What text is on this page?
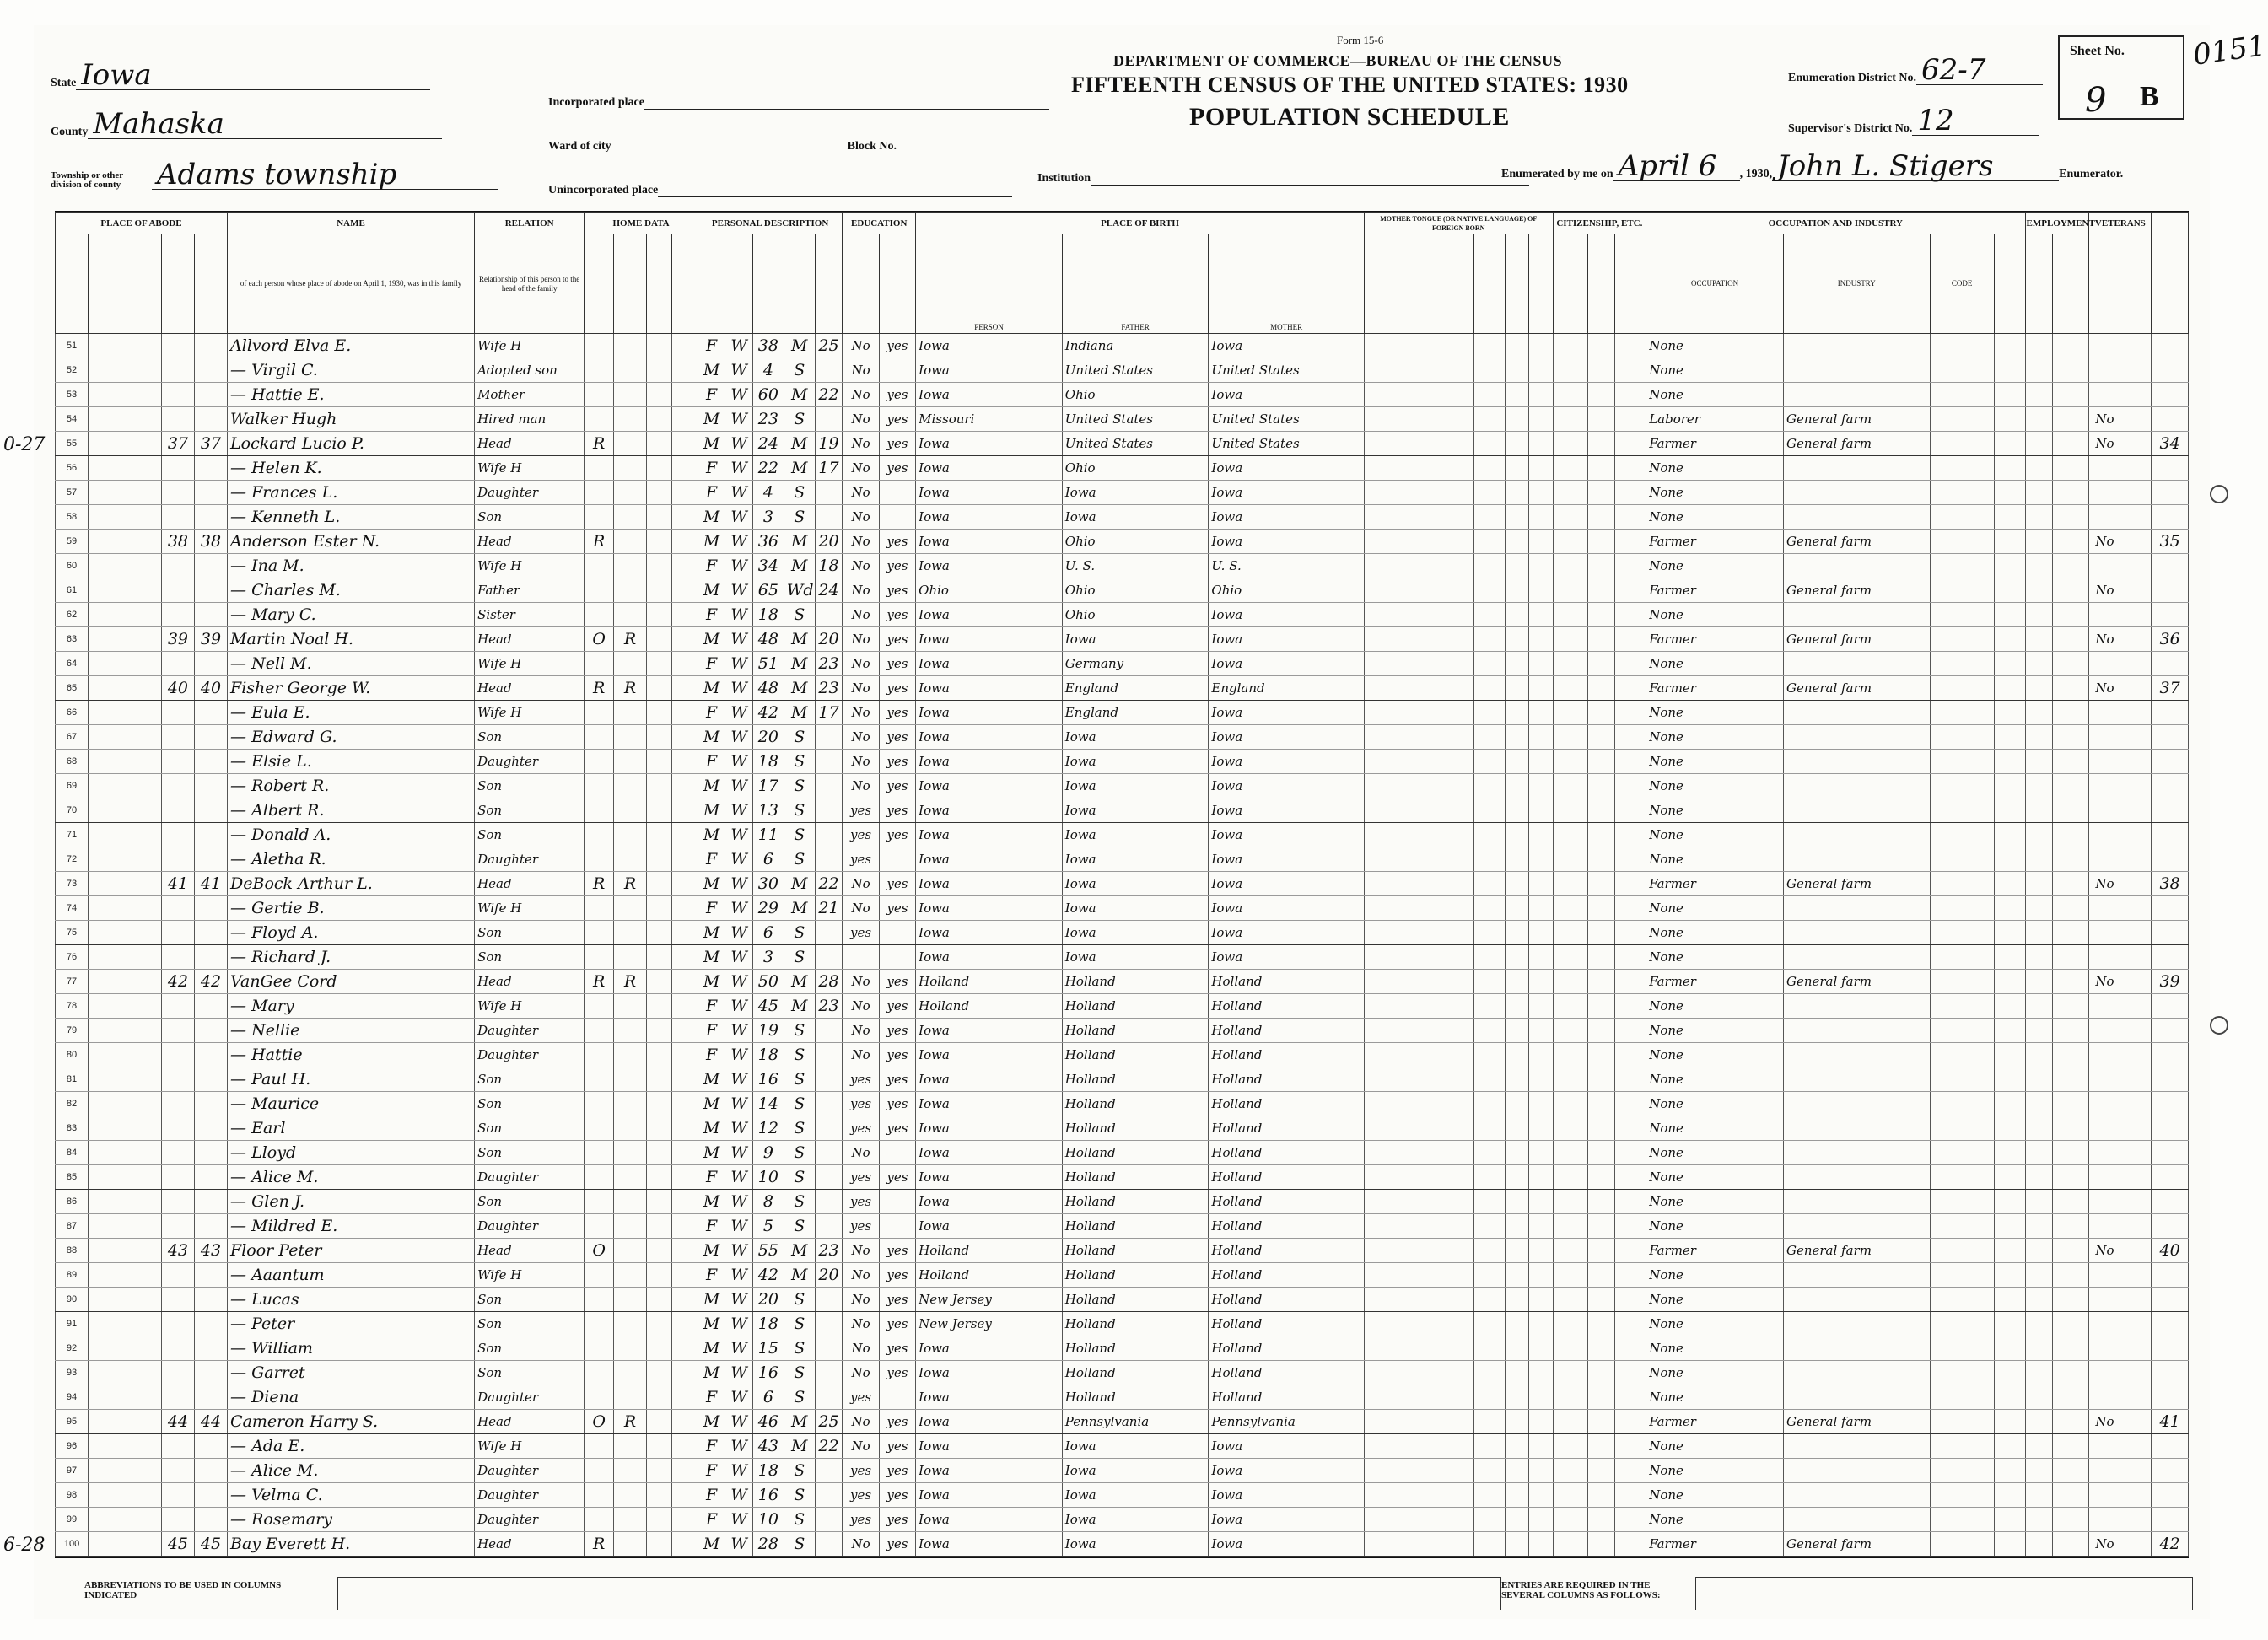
Form 15-6
DEPARTMENT OF COMMERCE—BUREAU OF THE CENSUS
FIFTEENTH CENSUS OF THE UNITED STATES: 1930
POPULATION SCHEDULE
State Iowa
County Mahaska
Township or other division of county	Adams township
Incorporated place
Ward of city	Block No.
Unincorporated place
Institution
Enumeration District No. 62-7
Supervisor's District No. 12
Enumerated by me on April 6	, 1930, John L. Stigers	Enumerator.
Sheet No.
9 B
0151
PLACE OF ABODE					NAME	RELATION	HOME DATA				PERSONAL DESCRIPTION					EDUCATION		PLACE OF BIRTH			MOTHER TONGUE (OR NATIVE LANGUAGE) OF FOREIGN BORN				CITIZENSHIP, ETC.			OCCUPATION AND INDUSTRY				EMPLOYMENT		VETERANS		
					of each person whose place of abode on April 1, 1930, was in this family	Relationship of this person to the head of the family												PERSON	FATHER	MOTHER								OCCUPATION	INDUSTRY	CODE						
51					Allvord Elva E.	Wife H					F	W	38	M	25	No	yes	Iowa	Indiana	Iowa								None								
52					— Virgil C.	Adopted son					M	W	4	S		No		Iowa	United States	United States								None								
53					— Hattie E.	Mother					F	W	60	M	22	No	yes	Iowa	Ohio	Iowa								None								
54					Walker Hugh	Hired man					M	W	23	S		No	yes	Missouri	United States	United States								Laborer	General farm					No		
55			37	37	Lockard Lucio P.	Head	R				M	W	24	M	19	No	yes	Iowa	United States	United States								Farmer	General farm					No		34
56					— Helen K.	Wife H					F	W	22	M	17	No	yes	Iowa	Ohio	Iowa								None								
57					— Frances L.	Daughter					F	W	4	S		No		Iowa	Iowa	Iowa								None								
58					— Kenneth L.	Son					M	W	3	S		No		Iowa	Iowa	Iowa								None								
59			38	38	Anderson Ester N.	Head	R				M	W	36	M	20	No	yes	Iowa	Ohio	Iowa								Farmer	General farm					No		35
60					— Ina M.	Wife H					F	W	34	M	18	No	yes	Iowa	U. S.	U. S.								None								
61					— Charles M.	Father					M	W	65	Wd	24	No	yes	Ohio	Ohio	Ohio								Farmer	General farm					No		
62					— Mary C.	Sister					F	W	18	S		No	yes	Iowa	Ohio	Iowa								None								
63			39	39	Martin Noal H.	Head	O	R			M	W	48	M	20	No	yes	Iowa	Iowa	Iowa								Farmer	General farm					No		36
64					— Nell M.	Wife H					F	W	51	M	23	No	yes	Iowa	Germany	Iowa								None								
65			40	40	Fisher George W.	Head	R	R			M	W	48	M	23	No	yes	Iowa	England	England								Farmer	General farm					No		37
66					— Eula E.	Wife H					F	W	42	M	17	No	yes	Iowa	England	Iowa								None								
67					— Edward G.	Son					M	W	20	S		No	yes	Iowa	Iowa	Iowa								None								
68					— Elsie L.	Daughter					F	W	18	S		No	yes	Iowa	Iowa	Iowa								None								
69					— Robert R.	Son					M	W	17	S		No	yes	Iowa	Iowa	Iowa								None								
70					— Albert R.	Son					M	W	13	S		yes	yes	Iowa	Iowa	Iowa								None								
71					— Donald A.	Son					M	W	11	S		yes	yes	Iowa	Iowa	Iowa								None								
72					— Aletha R.	Daughter					F	W	6	S		yes		Iowa	Iowa	Iowa								None								
73			41	41	DeBock Arthur L.	Head	R	R			M	W	30	M	22	No	yes	Iowa	Iowa	Iowa								Farmer	General farm					No		38
74					— Gertie B.	Wife H					F	W	29	M	21	No	yes	Iowa	Iowa	Iowa								None								
75					— Floyd A.	Son					M	W	6	S		yes		Iowa	Iowa	Iowa								None								
76					— Richard J.	Son					M	W	3	S				Iowa	Iowa	Iowa								None								
77			42	42	VanGee Cord	Head	R	R			M	W	50	M	28	No	yes	Holland	Holland	Holland								Farmer	General farm					No		39
78					— Mary	Wife H					F	W	45	M	23	No	yes	Holland	Holland	Holland								None								
79					— Nellie	Daughter					F	W	19	S		No	yes	Iowa	Holland	Holland								None								
80					— Hattie	Daughter					F	W	18	S		No	yes	Iowa	Holland	Holland								None								
81					— Paul H.	Son					M	W	16	S		yes	yes	Iowa	Holland	Holland								None								
82					— Maurice	Son					M	W	14	S		yes	yes	Iowa	Holland	Holland								None								
83					— Earl	Son					M	W	12	S		yes	yes	Iowa	Holland	Holland								None								
84					— Lloyd	Son					M	W	9	S		No		Iowa	Holland	Holland								None								
85					— Alice M.	Daughter					F	W	10	S		yes	yes	Iowa	Holland	Holland								None								
86					— Glen J.	Son					M	W	8	S		yes		Iowa	Holland	Holland								None								
87					— Mildred E.	Daughter					F	W	5	S		yes		Iowa	Holland	Holland								None								
88			43	43	Floor Peter	Head	O				M	W	55	M	23	No	yes	Holland	Holland	Holland								Farmer	General farm					No		40
89					— Aaantum	Wife H					F	W	42	M	20	No	yes	Holland	Holland	Holland								None								
90					— Lucas	Son					M	W	20	S		No	yes	New Jersey	Holland	Holland								None								
91					— Peter	Son					M	W	18	S		No	yes	New Jersey	Holland	Holland								None								
92					— William	Son					M	W	15	S		No	yes	Iowa	Holland	Holland								None								
93					— Garret	Son					M	W	16	S		No	yes	Iowa	Holland	Holland								None								
94					— Diena	Daughter					F	W	6	S		yes		Iowa	Holland	Holland								None								
95			44	44	Cameron Harry S.	Head	O	R			M	W	46	M	25	No	yes	Iowa	Pennsylvania	Pennsylvania								Farmer	General farm					No		41
96					— Ada E.	Wife H					F	W	43	M	22	No	yes	Iowa	Iowa	Iowa								None								
97					— Alice M.	Daughter					F	W	18	S		yes	yes	Iowa	Iowa	Iowa								None								
98					— Velma C.	Daughter					F	W	16	S		yes	yes	Iowa	Iowa	Iowa								None								
99					— Rosemary	Daughter					F	W	10	S		yes	yes	Iowa	Iowa	Iowa								None								
100			45	45	Bay Everett H.	Head	R				M	W	28	S		No	yes	Iowa	Iowa	Iowa								Farmer	General farm					No		42
ABBREVIATIONS TO BE USED IN COLUMNS INDICATED
ENTRIES ARE REQUIRED IN THE SEVERAL COLUMNS AS FOLLOWS:
0-27
6-28
